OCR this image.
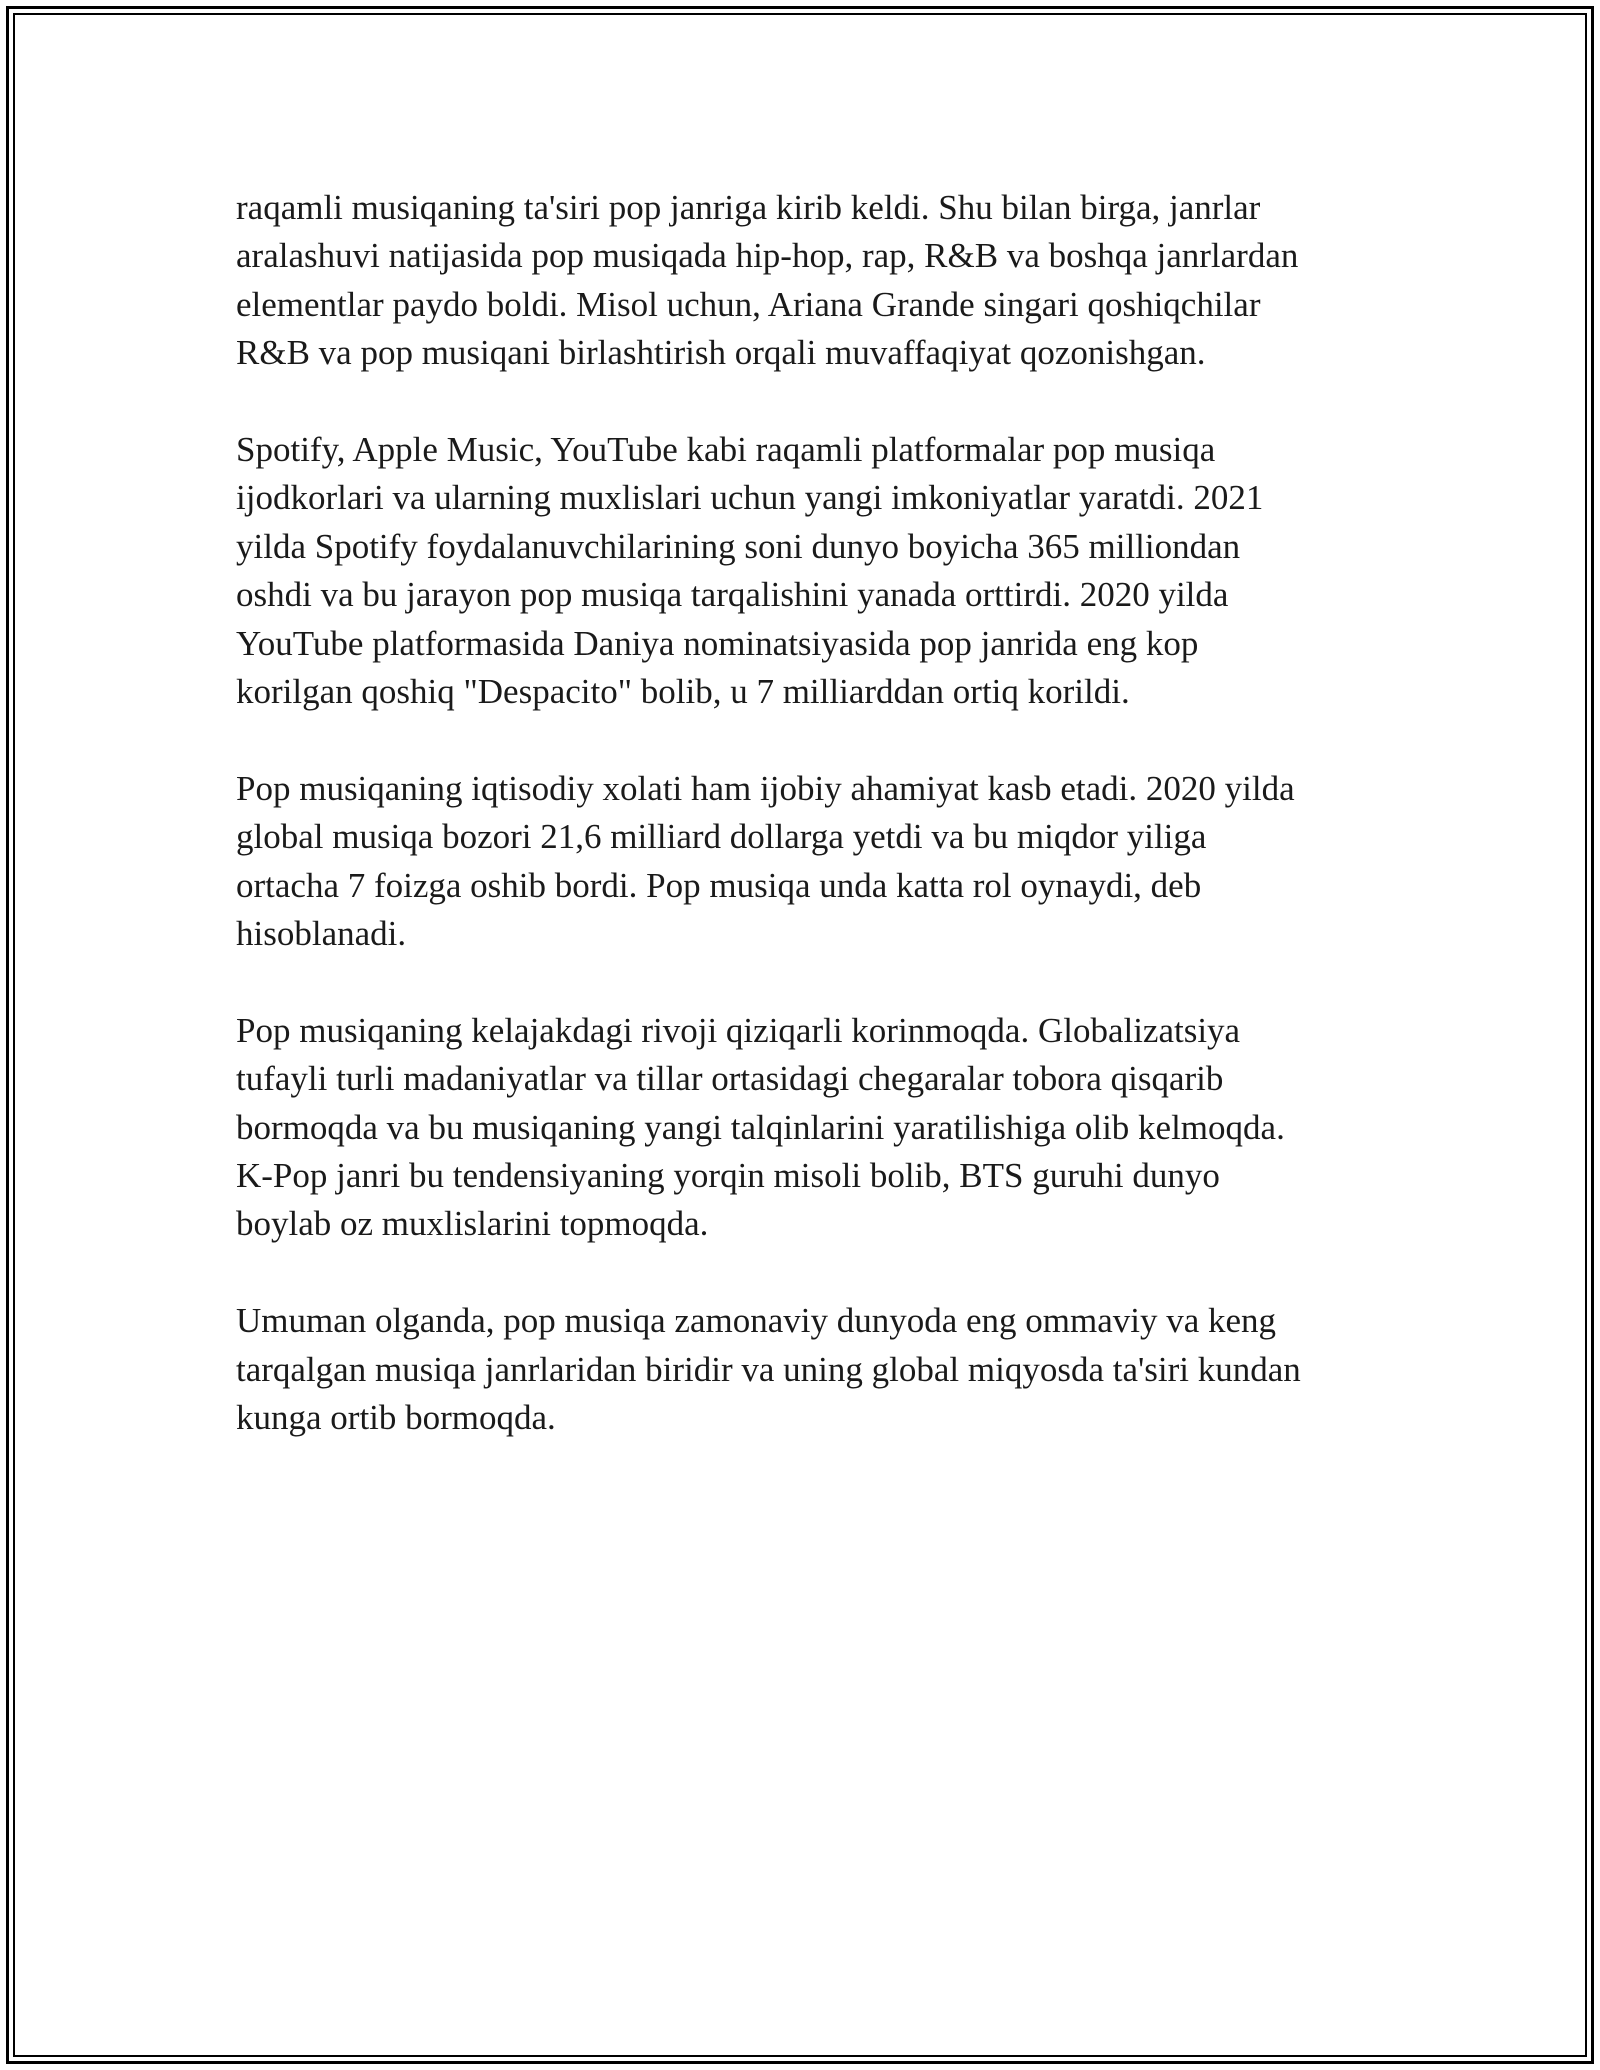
raqamli musiqaning ta'siri pop janriga kirib keldi. Shu bilan birga, janrlar
aralashuvi natijasida pop musiqada hip-hop, rap, R&B va boshqa janrlardan
elementlar paydo boldi. Misol uchun, Ariana Grande singari qoshiqchilar
R&B va pop musiqani birlashtirish orqali muvaffaqiyat qozonishgan.

Spotify, Apple Music, YouTube kabi raqamli platformalar pop musiqa
ijodkorlari va ularning muxlislari uchun yangi imkoniyatlar yaratdi. 2021
yilda Spotify foydalanuvchilarining soni dunyo boyicha 365 milliondan
oshdi va bu jarayon pop musiqa tarqalishini yanada orttirdi. 2020 yilda
YouTube platformasida Daniya nominatsiyasida pop janrida eng kop
korilgan qoshiq "Despacito" bolib, u 7 milliarddan ortiq korildi.

Pop musiqaning iqtisodiy xolati ham ijobiy ahamiyat kasb etadi. 2020 yilda
global musiqa bozori 21,6 milliard dollarga yetdi va bu miqdor yiliga
ortacha 7 foizga oshib bordi. Pop musiqa unda katta rol oynaydi, deb
hisoblanadi.

Pop musiqaning kelajakdagi rivoji qiziqarli korinmoqda. Globalizatsiya
tufayli turli madaniyatlar va tillar ortasidagi chegaralar tobora qisqarib
bormoqda va bu musiqaning yangi talqinlarini yaratilishiga olib kelmoqda.
K-Pop janri bu tendensiyaning yorqin misoli bolib, BTS guruhi dunyo
boylab oz muxlislarini topmoqda.

Umuman olganda, pop musiqa zamonaviy dunyoda eng ommaviy va keng
tarqalgan musiqa janrlaridan biridir va uning global miqyosda ta'siri kundan
kunga ortib bormoqda.
